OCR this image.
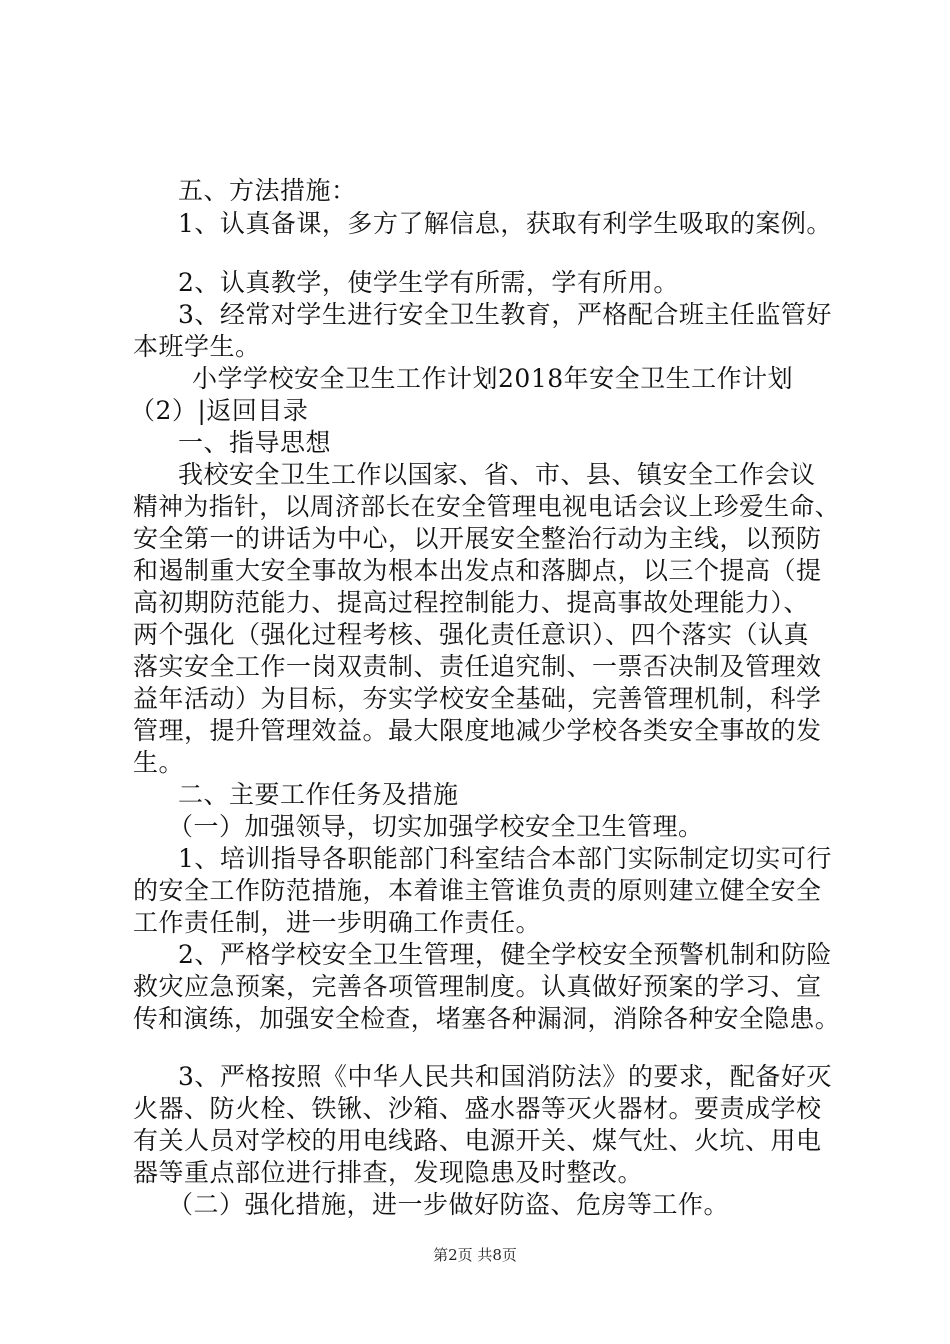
五、方法措施：
1、认真备课，多方了解信息，获取有利学生吸取的案例。
2、认真教学，使学生学有所需，学有所用。
3、经常对学生进行安全卫生教育，严格配合班主任监管好
本班学生。
小学学校安全卫生工作计划2018年安全卫生工作计划
（2）|返回目录
一、指导思想
我校安全卫生工作以国家、省、市、县、镇安全工作会议
精神为指针，以周济部长在安全管理电视电话会议上珍爱生命、
安全第一的讲话为中心，以开展安全整治行动为主线，以预防
和遏制重大安全事故为根本出发点和落脚点，以三个提高（提
高初期防范能力、提高过程控制能力、提高事故处理能力）、
两个强化（强化过程考核、强化责任意识）、四个落实（认真
落实安全工作一岗双责制、责任追究制、一票否决制及管理效
益年活动）为目标，夯实学校安全基础，完善管理机制，科学
管理，提升管理效益。最大限度地减少学校各类安全事故的发
生。
二、主要工作任务及措施
（一）加强领导，切实加强学校安全卫生管理。
1、培训指导各职能部门科室结合本部门实际制定切实可行
的安全工作防范措施，本着谁主管谁负责的原则建立健全安全
工作责任制，进一步明确工作责任。
2、严格学校安全卫生管理，健全学校安全预警机制和防险
救灾应急预案，完善各项管理制度。认真做好预案的学习、宣
传和演练，加强安全检查，堵塞各种漏洞，消除各种安全隐患。
3、严格按照《中华人民共和国消防法》的要求，配备好灭
火器、防火栓、铁锹、沙箱、盛水器等灭火器材。要责成学校
有关人员对学校的用电线路、电源开关、煤气灶、火坑、用电
器等重点部位进行排查，发现隐患及时整改。
（二）强化措施，进一步做好防盗、危房等工作。
第2页 共8页
